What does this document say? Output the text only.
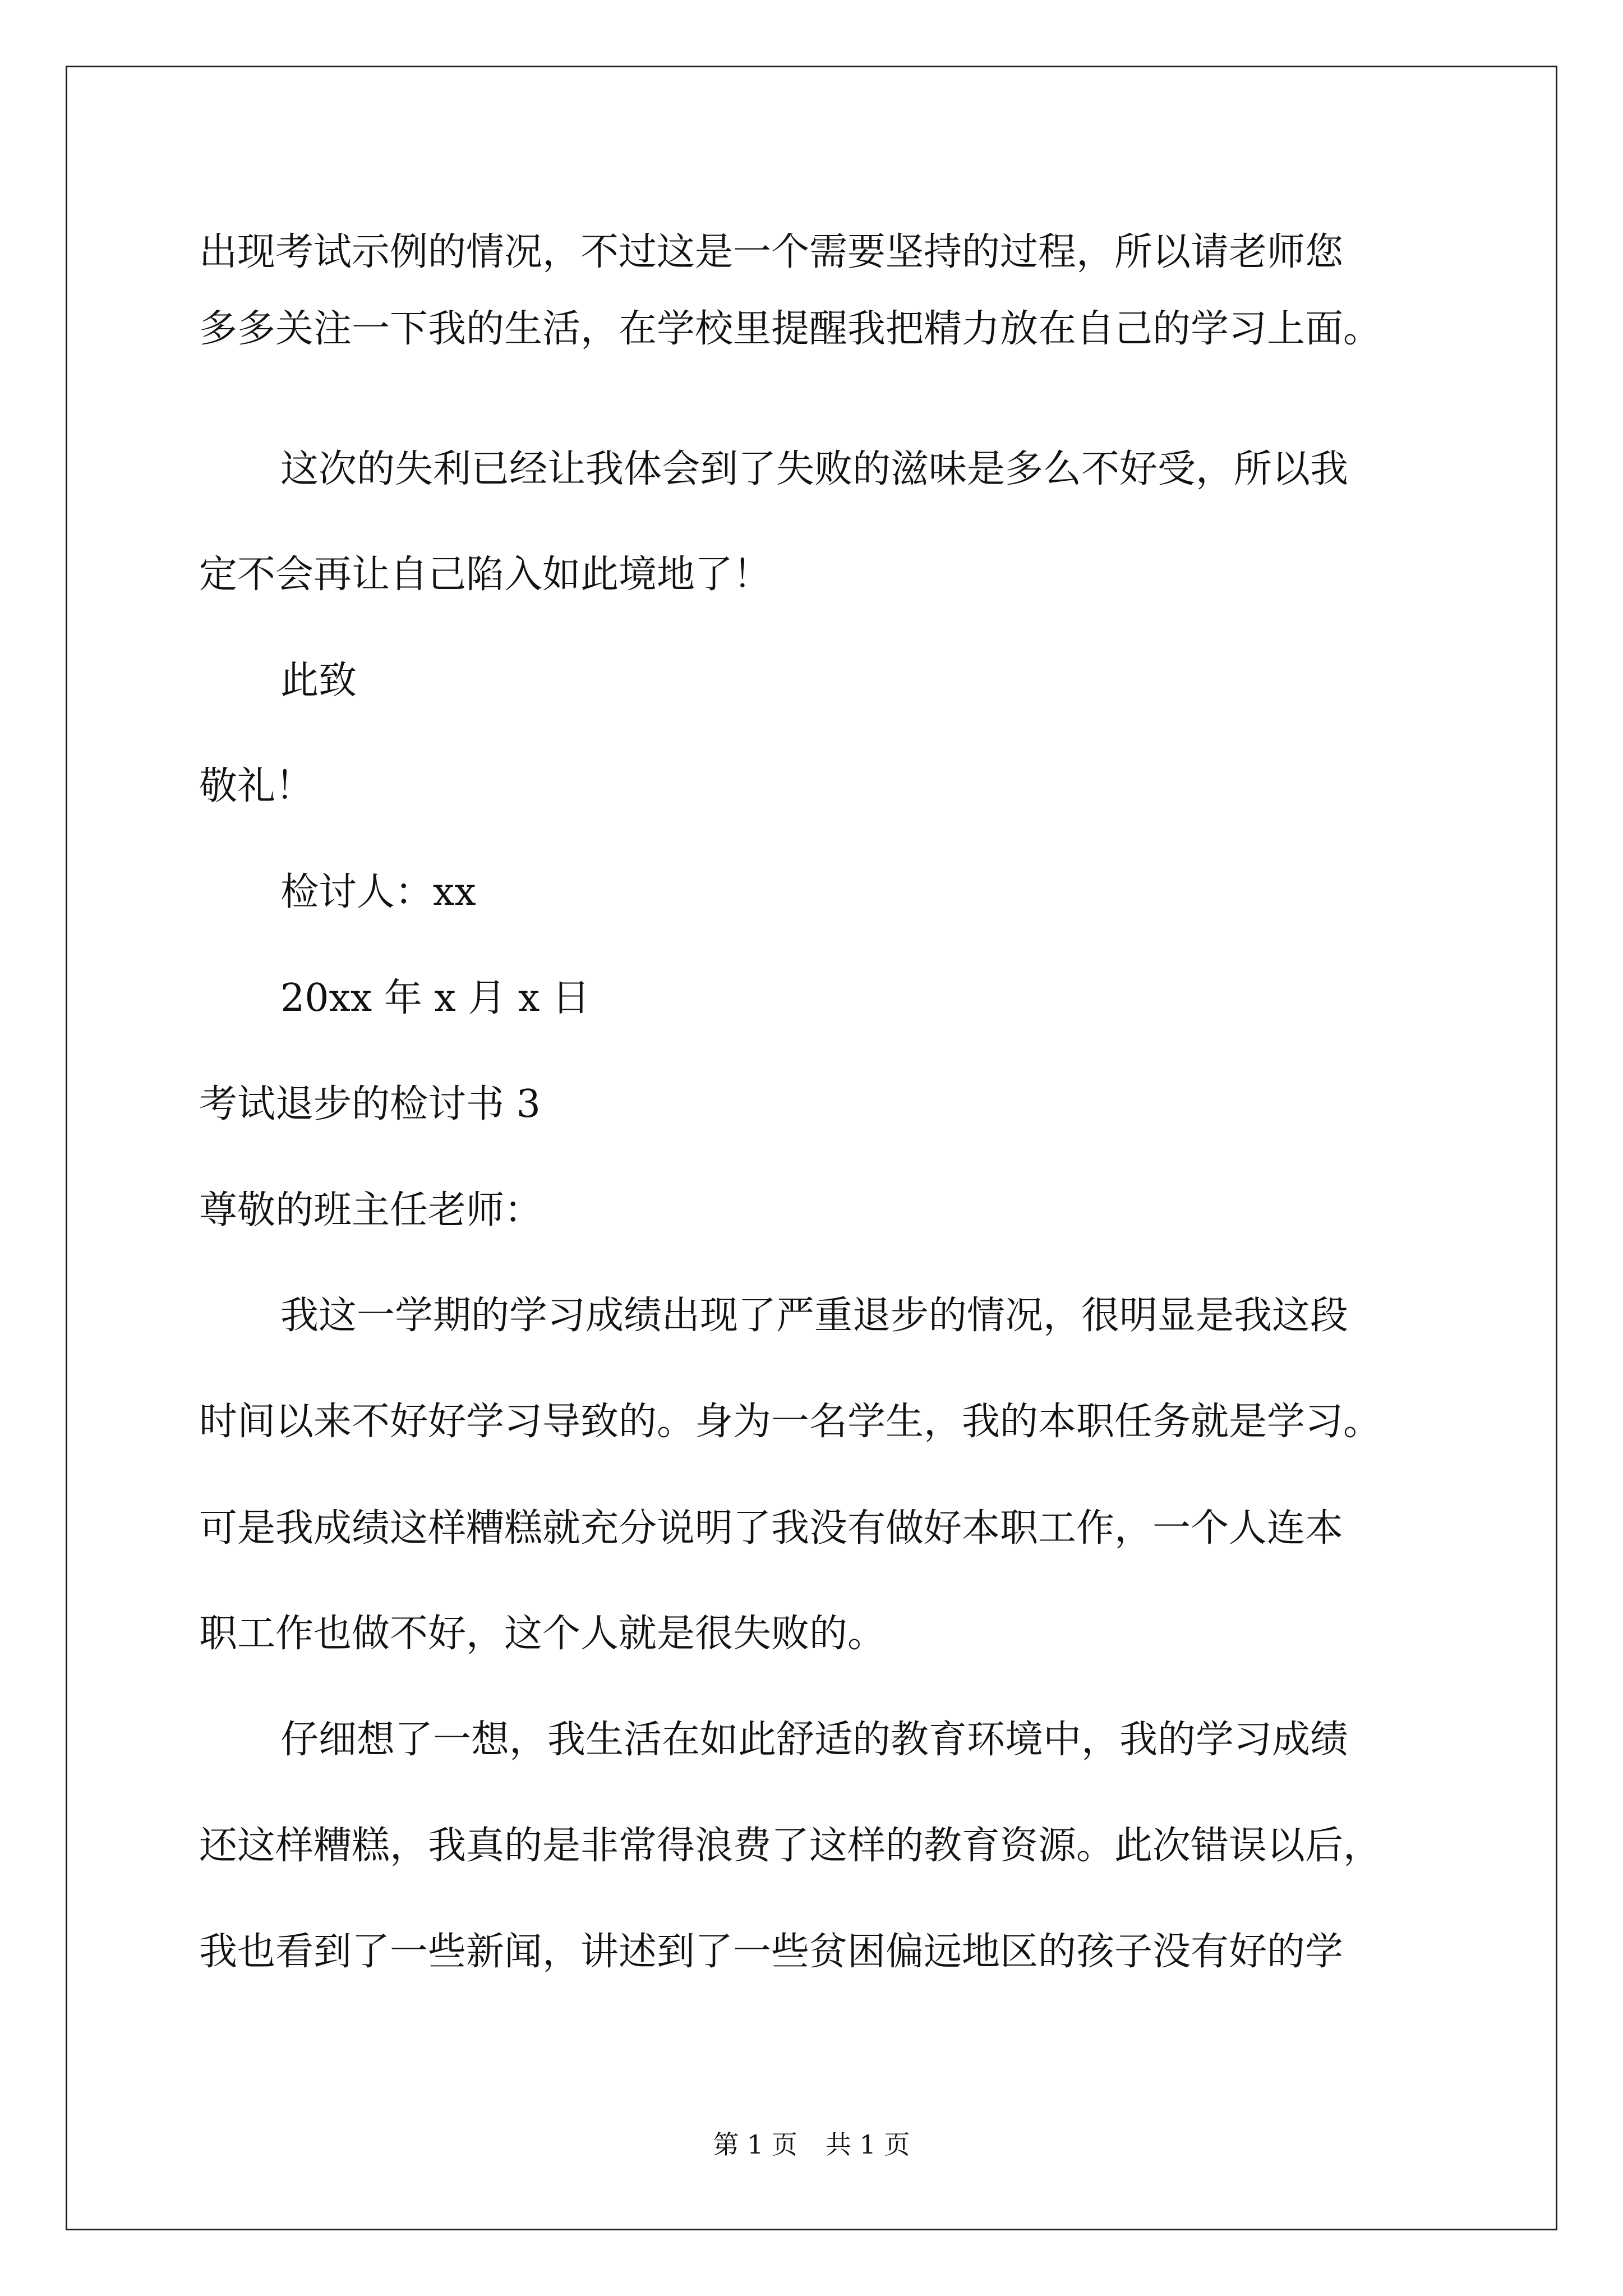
出现考试示例的情况，不过这是一个需要坚持的过程，所以请老师您
多多关注一下我的生活，在学校里提醒我把精力放在自己的学习上面。
这次的失利已经让我体会到了失败的滋味是多么不好受，所以我
定不会再让自己陷入如此境地了！
此致
敬礼！
检讨人：xx
20xx 年 x 月 x 日
考试退步的检讨书 3
尊敬的班主任老师：
我这一学期的学习成绩出现了严重退步的情况，很明显是我这段
时间以来不好好学习导致的。身为一名学生，我的本职任务就是学习。
可是我成绩这样糟糕就充分说明了我没有做好本职工作，一个人连本
职工作也做不好，这个人就是很失败的。
仔细想了一想，我生活在如此舒适的教育环境中，我的学习成绩
还这样糟糕，我真的是非常得浪费了这样的教育资源。此次错误以后，
我也看到了一些新闻，讲述到了一些贫困偏远地区的孩子没有好的学
第 1 页 共 1 页
